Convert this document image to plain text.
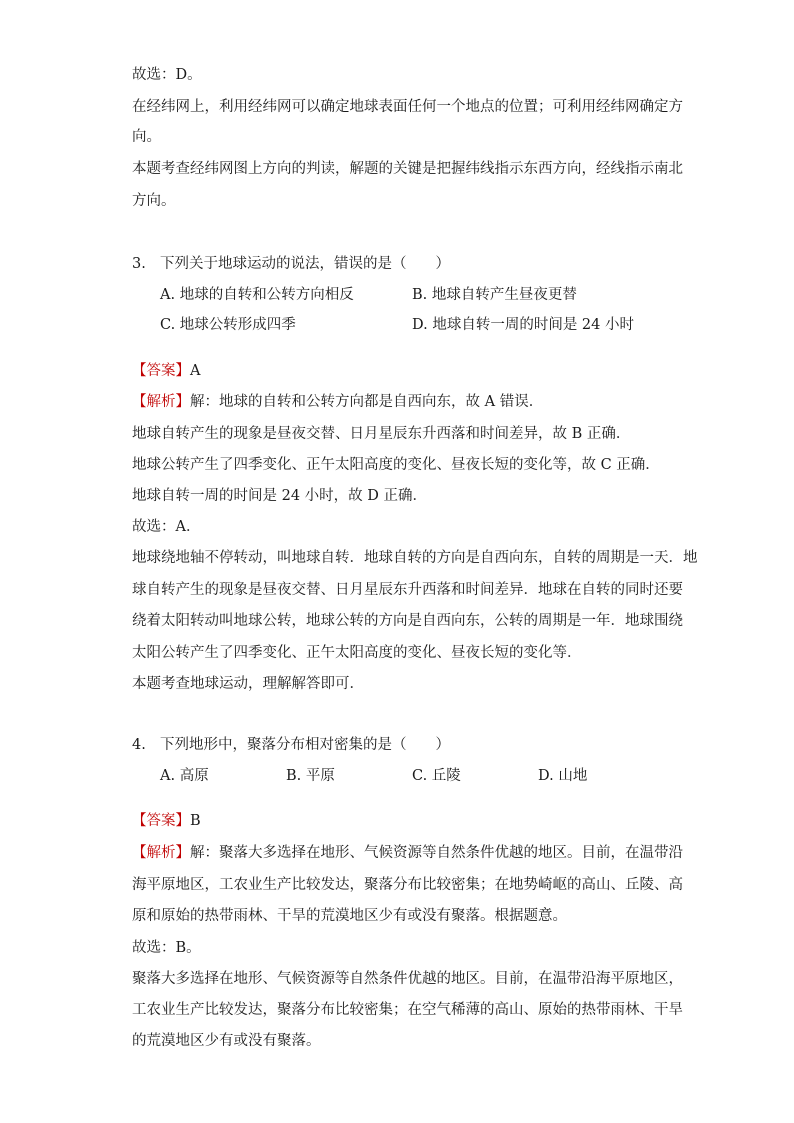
故选：D。
在经纬网上，利用经纬网可以确定地球表面任何一个地点的位置；可利用经纬网确定方
向。
本题考查经纬网图上方向的判读，解题的关键是把握纬线指示东西方向，经线指示南北
方向。
3. 下列关于地球运动的说法，错误的是（　　）
A. 地球的自转和公转方向相反	B. 地球自转产生昼夜更替
C. 地球公转形成四季	D. 地球自转一周的时间是 24 小时
【答案】A
【解析】解：地球的自转和公转方向都是自西向东，故 A 错误．
地球自转产生的现象是昼夜交替、日月星辰东升西落和时间差异，故 B 正确．
地球公转产生了四季变化、正午太阳高度的变化、昼夜长短的变化等，故 C 正确．
地球自转一周的时间是 24 小时，故 D 正确．
故选：A．
地球绕地轴不停转动，叫地球自转．地球自转的方向是自西向东，自转的周期是一天．地
球自转产生的现象是昼夜交替、日月星辰东升西落和时间差异．地球在自转的同时还要
绕着太阳转动叫地球公转，地球公转的方向是自西向东，公转的周期是一年．地球围绕
太阳公转产生了四季变化、正午太阳高度的变化、昼夜长短的变化等．
本题考查地球运动，理解解答即可．
4. 下列地形中，聚落分布相对密集的是（　　）
A. 高原	B. 平原	C. 丘陵	D. 山地
【答案】B
【解析】解：聚落大多选择在地形、气候资源等自然条件优越的地区。目前，在温带沿
海平原地区，工农业生产比较发达，聚落分布比较密集；在地势崎岖的高山、丘陵、高
原和原始的热带雨林、干旱的荒漠地区少有或没有聚落。根据题意。
故选：B。
聚落大多选择在地形、气候资源等自然条件优越的地区。目前，在温带沿海平原地区，
工农业生产比较发达，聚落分布比较密集；在空气稀薄的高山、原始的热带雨林、干旱
的荒漠地区少有或没有聚落。
